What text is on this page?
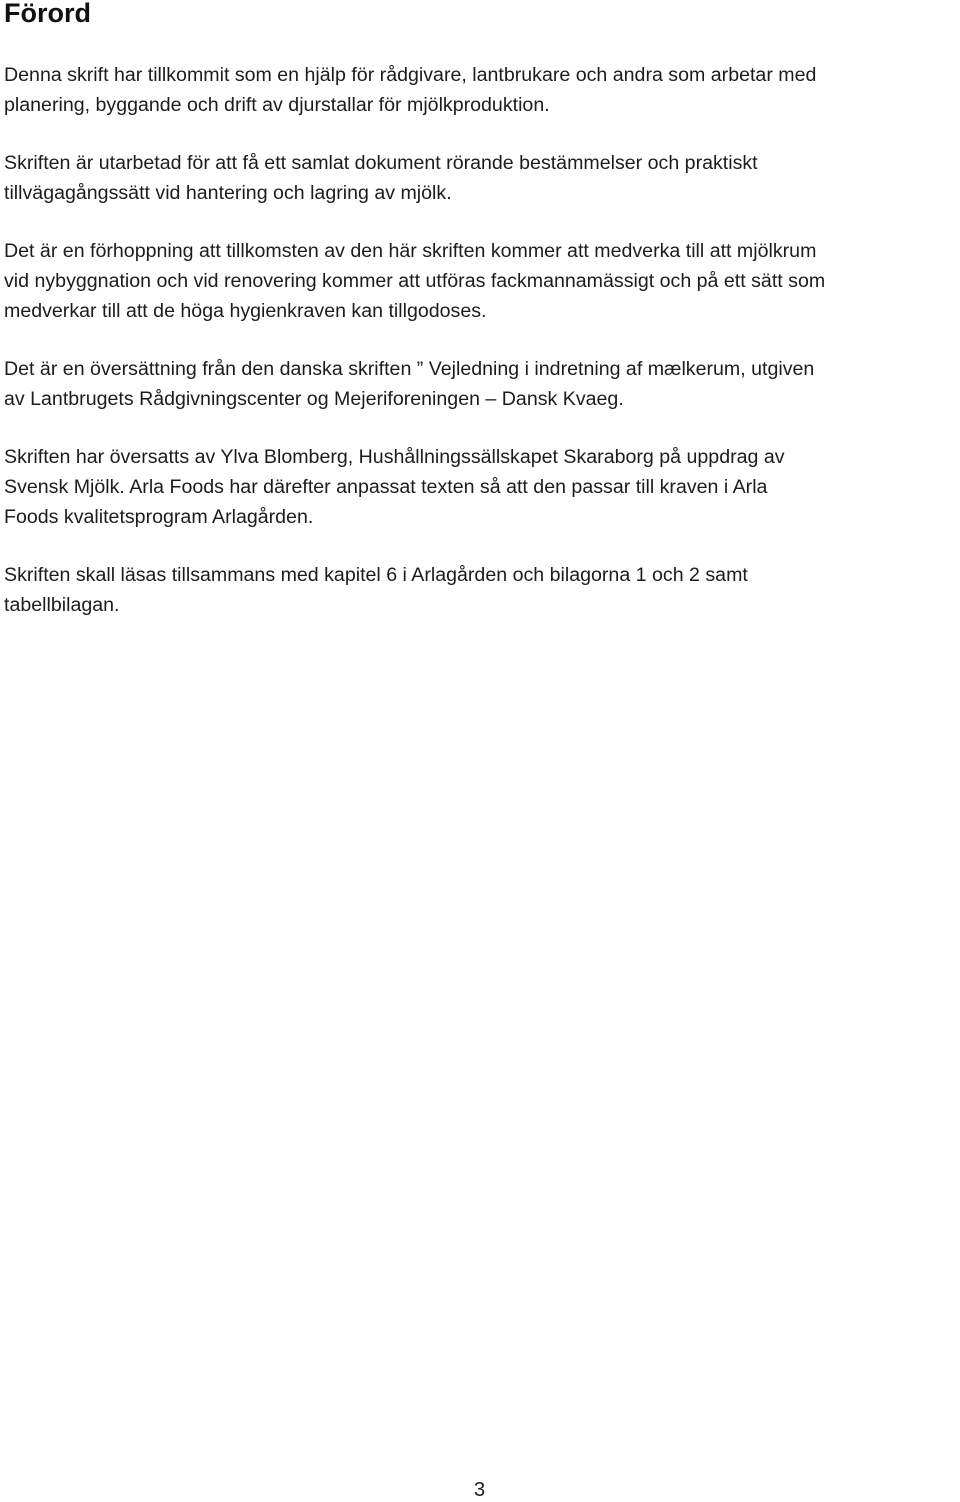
Förord

Denna skrift har tillkommit som en hjälp för rådgivare, lantbrukare och andra som arbetar med
planering, byggande och drift av djurstallar för mjölkproduktion.

Skriften är utarbetad för att få ett samlat dokument rörande bestämmelser och praktiskt
tillvägagångssätt vid hantering och lagring av mjölk.

Det är en förhoppning att tillkomsten av den här skriften kommer att medverka till att mjölkrum
vid nybyggnation och vid renovering kommer att utföras fackmannamässigt och på ett sätt som
medverkar till att de höga hygienkraven kan tillgodoses.

Det är en översättning från den danska skriften ” Vejledning i indretning af mælkerum, utgiven
av Lantbrugets Rådgivningscenter og Mejeriforeningen – Dansk Kvaeg.

Skriften har översatts av Ylva Blomberg, Hushållningssällskapet Skaraborg på uppdrag av
Svensk Mjölk. Arla Foods har därefter anpassat texten så att den passar till kraven i Arla
Foods kvalitetsprogram Arlagården.

Skriften skall läsas tillsammans med kapitel 6 i Arlagården och bilagorna 1 och 2 samt
tabellbilagan.

3
